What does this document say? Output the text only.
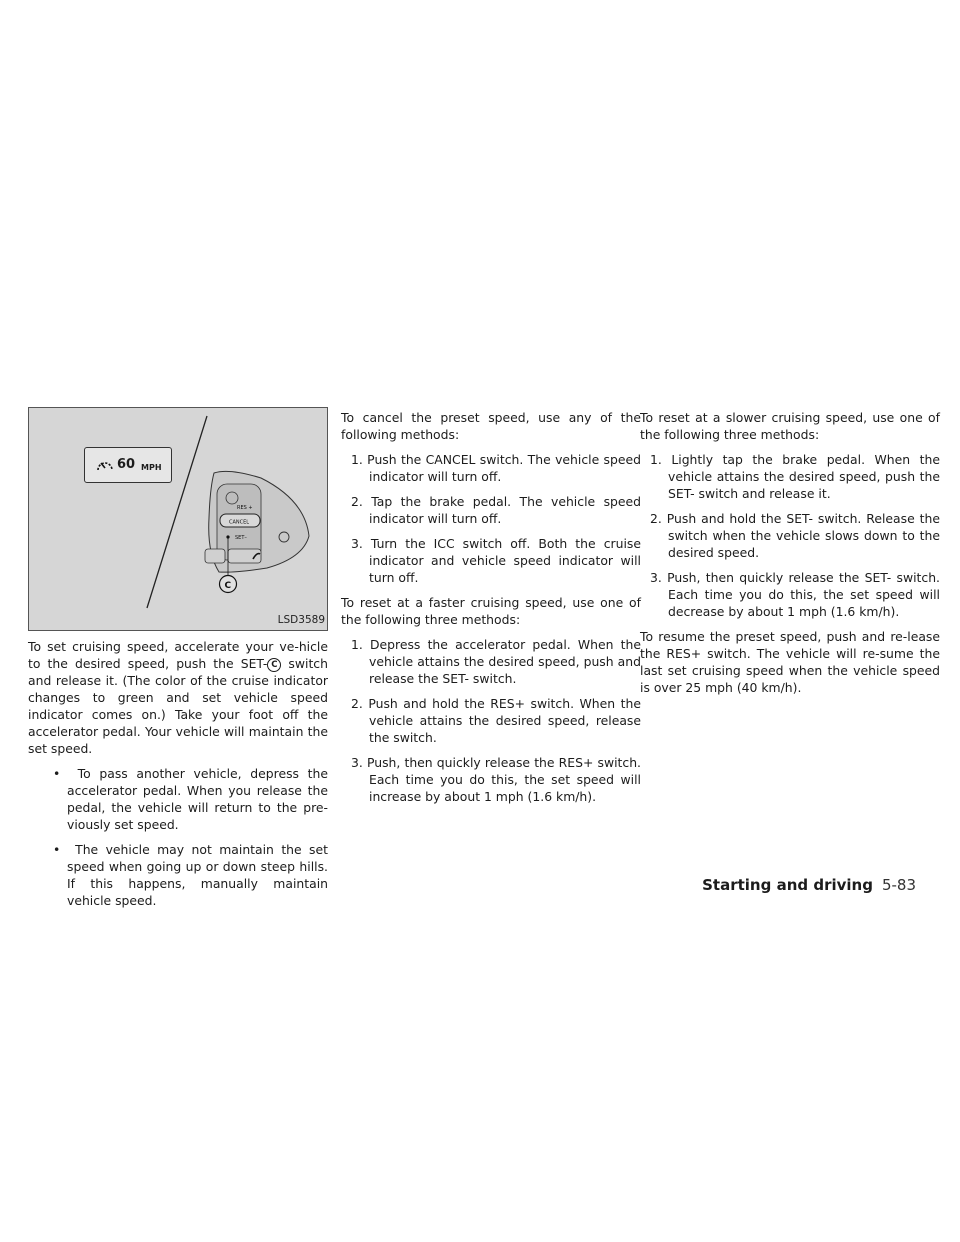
C
RES +
CANCEL
SET–
60 MPH
LSD3589

To set cruising speed, accelerate your ve-hicle to the desired speed, push the SET- C switch and release it. (The color of the cruise indicator changes to green and set vehicle speed indicator comes on.) Take your foot off the accelerator pedal. Your vehicle will maintain the set speed.

•  To pass another vehicle, depress the accelerator pedal. When you release the pedal, the vehicle will return to the pre-viously set speed.

•  The vehicle may not maintain the set speed when going up or down steep hills. If this happens, manually maintain vehicle speed.

To cancel the preset speed, use any of the following methods:

1. Push the CANCEL switch. The vehicle speed indicator will turn off.

2. Tap the brake pedal. The vehicle speed indicator will turn off.

3. Turn the ICC switch off. Both the cruise indicator and vehicle speed indicator will turn off.

To reset at a faster cruising speed, use one of the following three methods:

1. Depress the accelerator pedal. When the vehicle attains the desired speed, push and release the SET- switch.

2. Push and hold the RES+ switch. When the vehicle attains the desired speed, release the switch.

3. Push, then quickly release the RES+ switch. Each time you do this, the set speed will increase by about 1 mph (1.6 km/h).

To reset at a slower cruising speed, use one of the following three methods:

1. Lightly tap the brake pedal. When the vehicle attains the desired speed, push the SET- switch and release it.

2. Push and hold the SET- switch. Release the switch when the vehicle slows down to the desired speed.

3. Push, then quickly release the SET- switch. Each time you do this, the set speed will decrease by about 1 mph (1.6 km/h).

To resume the preset speed, push and re-lease the RES+ switch. The vehicle will re-sume the last set cruising speed when the vehicle speed is over 25 mph (40 km/h).

Starting and driving 5-83
